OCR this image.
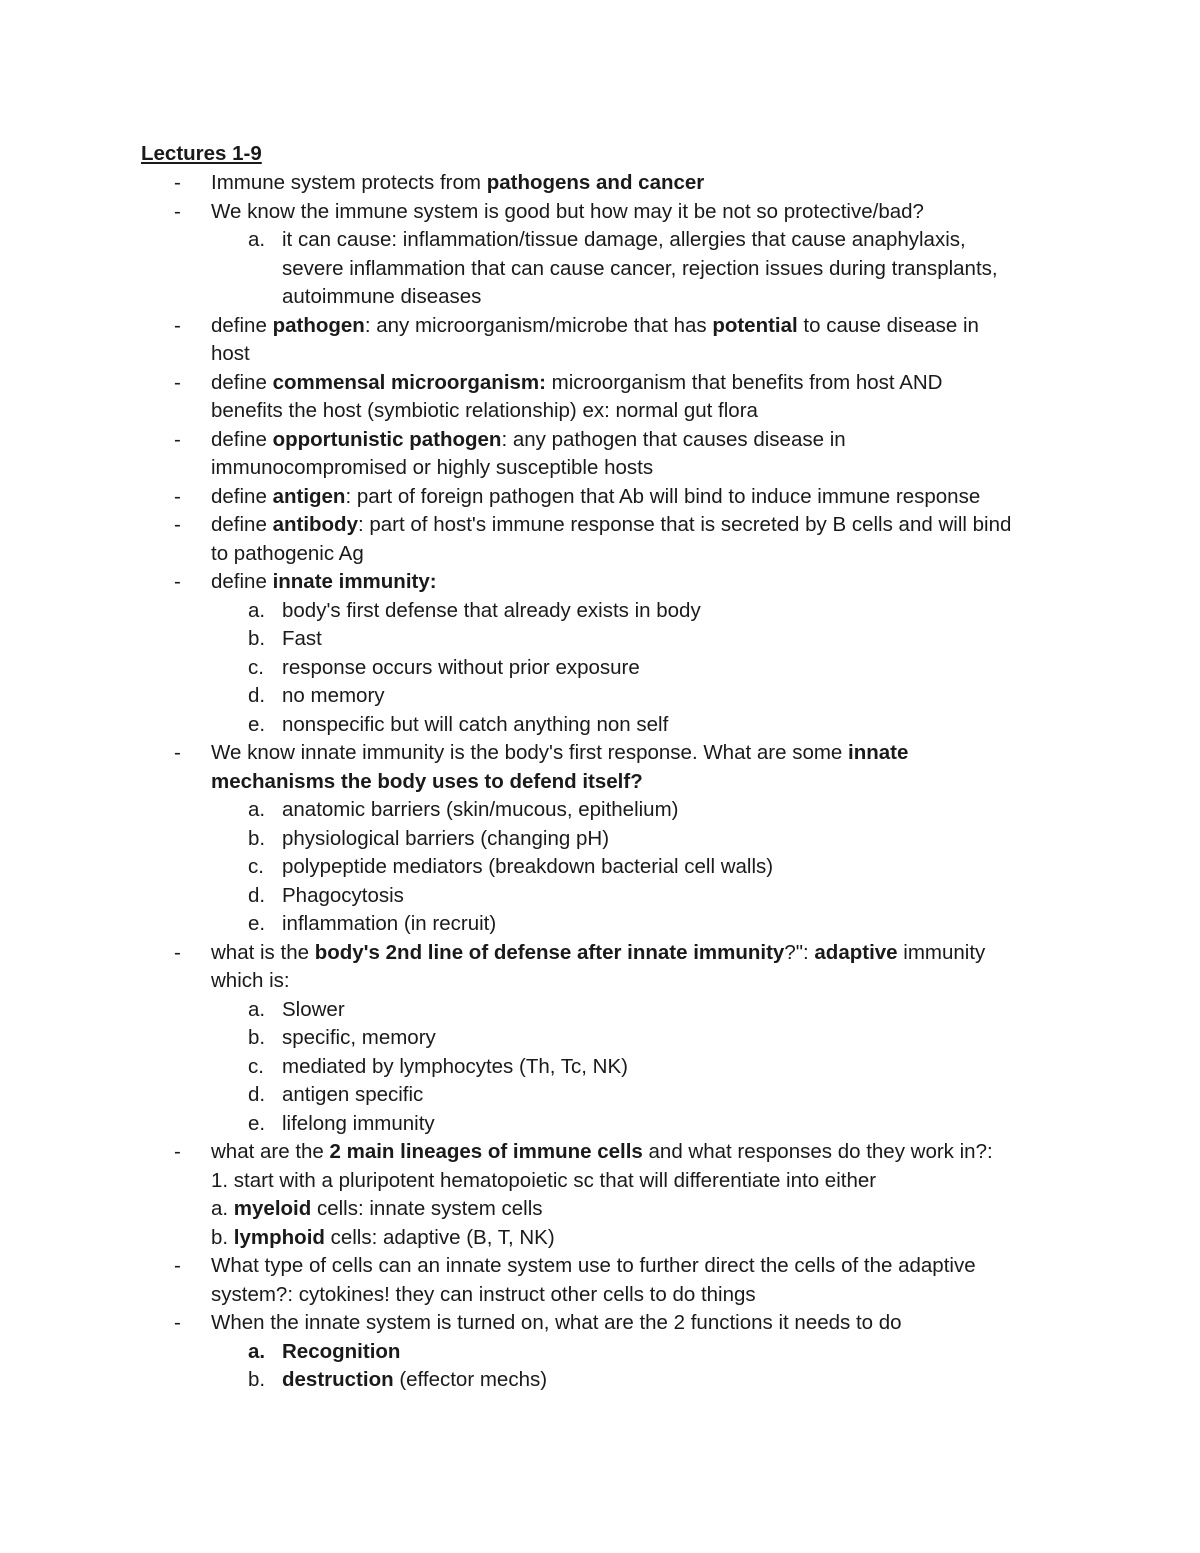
Lectures 1-9
- Immune system protects from pathogens and cancer
- We know the immune system is good but how may it be not so protective/bad?
a. it can cause: inflammation/tissue damage, allergies that cause anaphylaxis,
severe inflammation that can cause cancer, rejection issues during transplants,
autoimmune diseases
- define pathogen: any microorganism/microbe that has potential to cause disease in
host
- define commensal microorganism: microorganism that benefits from host AND
benefits the host (symbiotic relationship) ex: normal gut flora
- define opportunistic pathogen: any pathogen that causes disease in
immunocompromised or highly susceptible hosts
- define antigen: part of foreign pathogen that Ab will bind to induce immune response
- define antibody: part of host's immune response that is secreted by B cells and will bind
to pathogenic Ag
- define innate immunity:
a. body's first defense that already exists in body
b. Fast
c. response occurs without prior exposure
d. no memory
e. nonspecific but will catch anything non self
- We know innate immunity is the body's first response. What are some innate
mechanisms the body uses to defend itself?
a. anatomic barriers (skin/mucous, epithelium)
b. physiological barriers (changing pH)
c. polypeptide mediators (breakdown bacterial cell walls)
d. Phagocytosis
e. inflammation (in recruit)
- what is the body's 2nd line of defense after innate immunity?": adaptive immunity
which is:
a. Slower
b. specific, memory
c. mediated by lymphocytes (Th, Tc, NK)
d. antigen specific
e. lifelong immunity
- what are the 2 main lineages of immune cells and what responses do they work in?:
1. start with a pluripotent hematopoietic sc that will differentiate into either
a. myeloid cells: innate system cells
b. lymphoid cells: adaptive (B, T, NK)
- What type of cells can an innate system use to further direct the cells of the adaptive
system?: cytokines! they can instruct other cells to do things
- When the innate system is turned on, what are the 2 functions it needs to do
a. Recognition
b. destruction (effector mechs)
